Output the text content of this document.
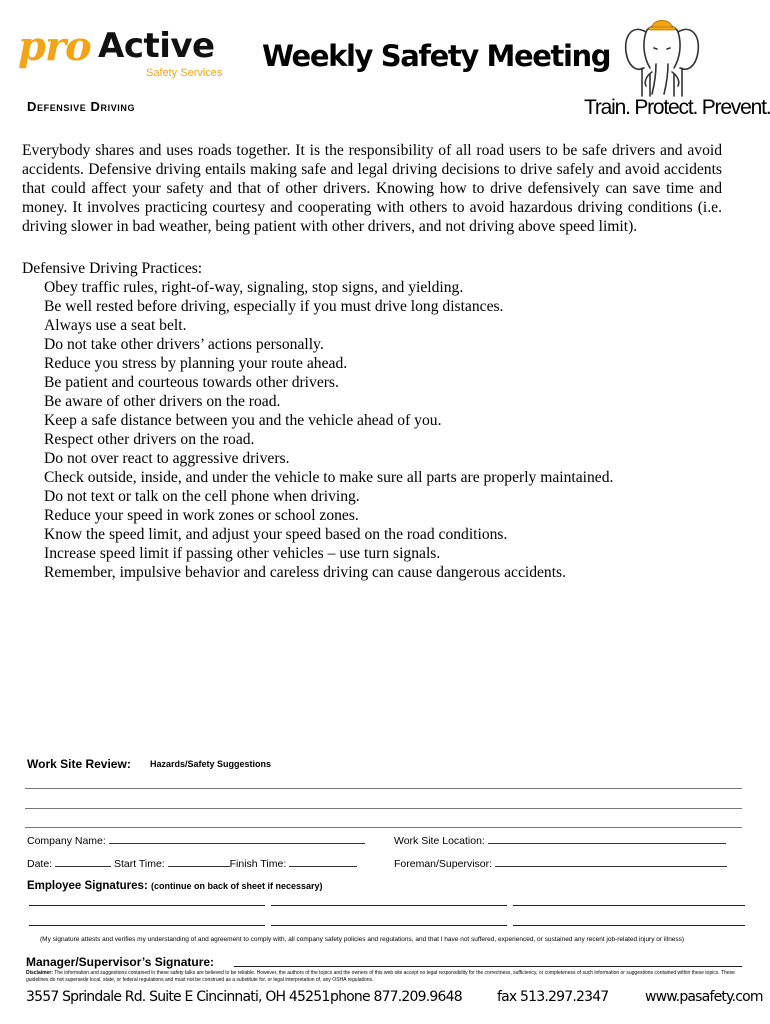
pro Active
Safety Services Weekly Safety Meeting
Train. Protect. Prevent.
Defensive Driving
Everybody shares and uses roads together. It is the responsibility of all road users to be safe drivers and avoid accidents. Defensive driving entails making safe and legal driving decisions to drive safely and avoid accidents that could affect your safety and that of other drivers. Knowing how to drive defensively can save time and money. It involves practicing courtesy and cooperating with others to avoid hazardous driving conditions (i.e. driving slower in bad weather, being patient with other drivers, and not driving above speed limit).
Defensive Driving Practices:
Obey traffic rules, right-of-way, signaling, stop signs, and yielding.
Be well rested before driving, especially if you must drive long distances.
Always use a seat belt.
Do not take other drivers’ actions personally.
Reduce you stress by planning your route ahead.
Be patient and courteous towards other drivers.
Be aware of other drivers on the road.
Keep a safe distance between you and the vehicle ahead of you.
Respect other drivers on the road.
Do not over react to aggressive drivers.
Check outside, inside, and under the vehicle to make sure all parts are properly maintained.
Do not text or talk on the cell phone when driving.
Reduce your speed in work zones or school zones.
Know the speed limit, and adjust your speed based on the road conditions.
Increase speed limit if passing other vehicles – use turn signals.
Remember, impulsive behavior and careless driving can cause dangerous accidents.
Work Site Review: Hazards/Safety Suggestions
Company Name:	Work Site Location:
Date:	Start Time:	Finish Time:	Foreman/Supervisor:
Employee Signatures: (continue on back of sheet if necessary)
(My signature attests and verifies my understanding of and agreement to comply with, all company safety policies and regulations, and that I have not suffered, experienced, or sustained any recent job-related injury or illness)
Manager/Supervisor’s Signature:
Disclaimer: The information and suggestions contained in these safety talks are believed to be reliable. However, the authors of the topics and the owners of this web site accept no legal responsibility for the correctness, sufficiency, or completeness of such information or suggestions contained within these topics. These guidelines do not supersede local, state, or federal regulations and must not be construed as a substitute for, or legal interpretation of, any OSHA regulations.
3557 Sprindale Rd. Suite E Cincinnati, OH 45251 phone 877.209.9648	fax 513.297.2347	www.pasafety.com
